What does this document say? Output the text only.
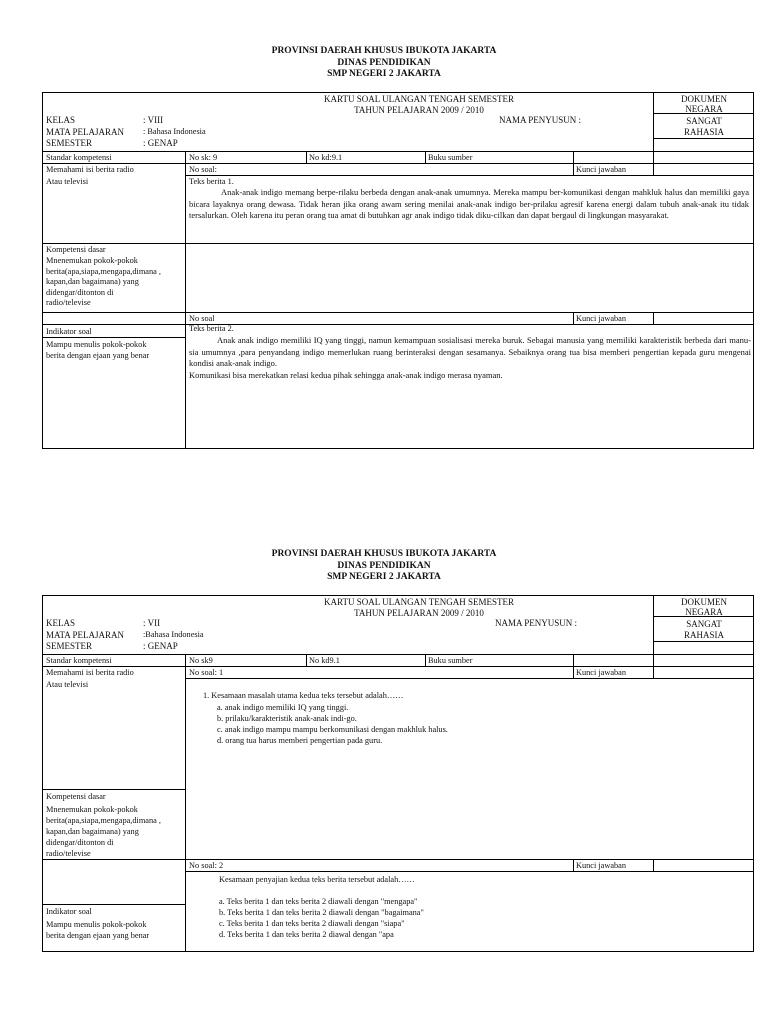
PROVINSI DAERAH KHUSUS IBUKOTA JAKARTA
DINAS PENDIDIKAN
SMP NEGERI 2 JAKARTA
KARTU SOAL ULANGAN TENGAH SEMESTER
TAHUN PELAJARAN 2009 / 2010
DOKUMEN
NEGARA
SANGAT
RAHASIA
NAMA PENYUSUN :
KELAS	: VIII
MATA PELAJARAN : Bahasa Indonesia
SEMESTER	: GENAP
Standar kompetensi	No sk: 9	No kd:9.1	Buku sumber
Memahami isi berita radio
Atau televisi
No soal:	Kunci jawaban
Teks berita 1.
Anak-anak indigo memang berpe-rilaku berbeda dengan anak-anak umumnya. Mereka mampu ber-komunikasi dengan mahkluk halus dan memiliki gaya bicara layaknya orang dewasa. Tidak heran jika orang awam sering menilai anak-anak indigo ber-prilaku agresif karena energi dalam tubuh anak-anak itu tidak tersalurkan. Oleh karena itu peran orang tua amat di butuhkan agr anak indigo tidak diku-cilkan dan dapat bergaul di lingkungan masyarakat.
Kompetensi dasar
Mnenemukan pokok-pokok
berita(apa,siapa,mengapa,dimana ,
kapan,dan bagaimana) yang
didengar/ditonton di
radio/televise
No soal	Kunci jawaban
Indikator soal
Mampu menulis pokok-pokok
berita dengan ejaan yang benar
Teks berita 2.
Anak anak indigo memiliki IQ yang tinggi, namun kemampuan sosialisasi mereka buruk. Sebagai manusia yang memiliki karakteristik berbeda dari manu-sia umumnya ,para penyandang indigo memerlukan ruang berinteraksi dengan sesamanya. Sebaiknya orang tua bisa memberi pengertian kepada guru mengenai kondisi anak-anak indigo.
Komunikasi bisa merekatkan relasi kedua pihak sehingga anak-anak indigo merasa nyaman.
PROVINSI DAERAH KHUSUS IBUKOTA JAKARTA
DINAS PENDIDIKAN
SMP NEGERI 2 JAKARTA
KARTU SOAL ULANGAN TENGAH SEMESTER
TAHUN PELAJARAN 2009 / 2010
DOKUMEN
NEGARA
SANGAT
RAHASIA
NAMA PENYUSUN :
KELAS	: VII
MATA PELAJARAN :Bahasa Indonesia
SEMESTER	: GENAP
Standar kompetensi	No sk9	No kd9.1	Buku sumber
Memahami isi berita radio
Atau televisi
No soal: 1	Kunci jawaban
1. Kesamaan masalah utama kedua teks tersebut adalah……
a. anak indigo memiliki IQ yang tinggi.
b. prilaku/karakteristik anak-anak indi-go.
c. anak indigo mampu mampu berkomunikasi dengan makhluk halus.
d. orang tua harus memberi pengertian pada guru.
Kompetensi dasar
Mnenemukan pokok-pokok
berita(apa,siapa,mengapa,dimana ,
kapan,dan bagaimana) yang
didengar/ditonton di
radio/televise
No soal: 2	Kunci jawaban
Kesamaan penyajian kedua teks berita tersebut adalah……
a. Teks berita 1 dan teks berita 2 diawali dengan "mengapa"
b. Teks berita 1 dan teks berita 2 diawali dengan "bagaimana"
c. Teks berita 1 dan teks berita 2 diawali dengan "siapa"
d. Teks berita 1 dan teks berita 2 diawal dengan "apa
Indikator soal
Mampu menulis pokok-pokok
berita dengan ejaan yang benar
